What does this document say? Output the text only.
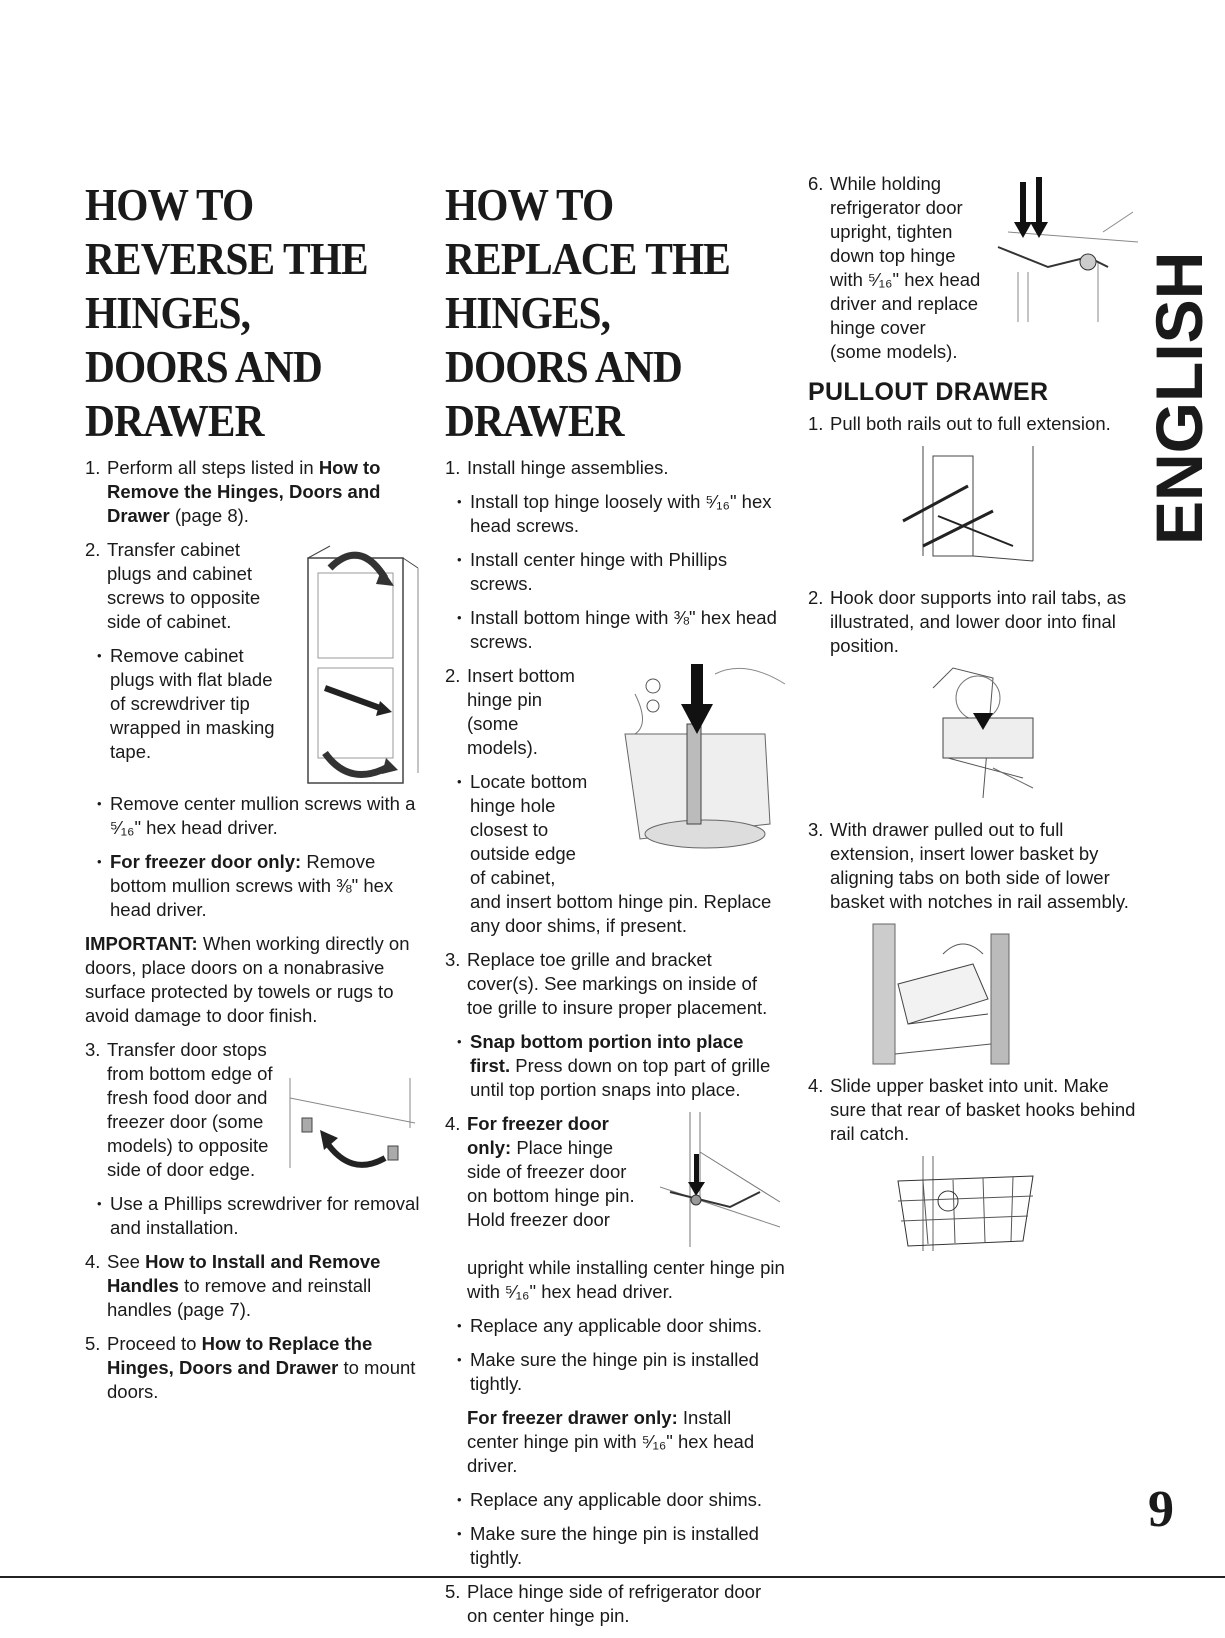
HOW TO REVERSE THE
HINGES, DOORS AND
DRAWER
1. Perform all steps listed in How to Remove the Hinges, Doors and Drawer (page 8).
2. Transfer cabinet plugs and cabinet screws to opposite side of cabinet.
• Remove cabinet plugs with flat blade of screwdriver tip wrapped in masking tape.
• Remove center mullion screws with a ⁵⁄₁₆" hex head driver.
• For freezer door only: Remove bottom mullion screws with ⅜" hex head driver.

IMPORTANT: When working directly on doors, place doors on a nonabrasive surface protected by towels or rugs to avoid damage to door finish.

3. Transfer door stops from bottom edge of fresh food door and freezer door (some models) to opposite side of door edge.
• Use a Phillips screwdriver for removal and installation.
4. See How to Install and Remove Handles to remove and reinstall handles (page 7).
5. Proceed to How to Replace the Hinges, Doors and Drawer to mount doors.
HOW TO REPLACE THE
HINGES, DOORS AND
DRAWER
1. Install hinge assemblies.
• Install top hinge loosely with ⁵⁄₁₆" hex head screws.
• Install center hinge with Phillips screws.
• Install bottom hinge with ⅜" hex head screws.
2. Insert bottom hinge pin (some models).
• Locate bottom hinge hole closest to outside edge of cabinet,
and insert bottom hinge pin. Replace any door shims, if present.
3. Replace toe grille and bracket cover(s). See markings on inside of toe grille to insure proper placement.
• Snap bottom portion into place first. Press down on top part of grille until top portion snaps into place.
4. For freezer door only: Place hinge side of freezer door on bottom hinge pin. Hold freezer door
upright while installing center hinge pin with ⁵⁄₁₆" hex head driver.
• Replace any applicable door shims.
• Make sure the hinge pin is installed tightly.

For freezer drawer only: Install center hinge pin with ⁵⁄₁₆" hex head driver.

• Replace any applicable door shims.
• Make sure the hinge pin is installed tightly.
5. Place hinge side of refrigerator door on center hinge pin.
6. While holding refrigerator door upright, tighten down top hinge with ⁵⁄₁₆" hex head driver and replace hinge cover (some models).
PULLOUT DRAWER
1. Pull both rails out to full extension.
2. Hook door supports into rail tabs, as illustrated, and lower door into final position.
3. With drawer pulled out to full extension, insert lower basket by aligning tabs on both side of lower basket with notches in rail assembly.
4. Slide upper basket into unit. Make sure that rear of basket hooks behind rail catch.
ENGLISH
9
